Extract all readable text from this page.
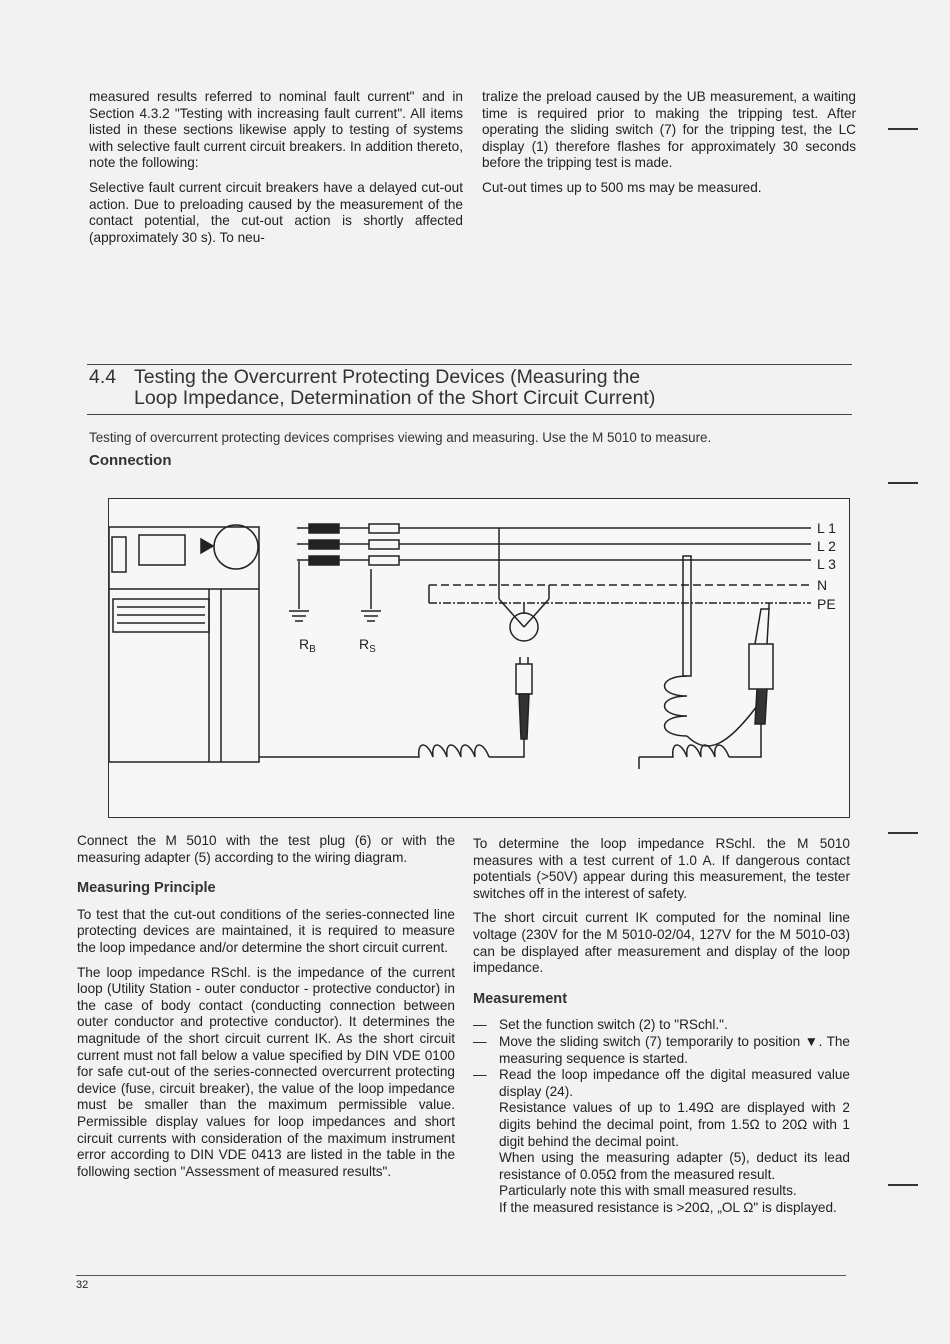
measured results referred to nominal fault current" and in Section 4.3.2 "Testing with increasing fault current". All items listed in these sections likewise apply to testing of systems with selective fault current circuit breakers. In addition thereto, note the following:

Selective fault current circuit breakers have a delayed cut-out action. Due to preloading caused by the measurement of the contact potential, the cut-out action is shortly affected (approximately 30 s). To neu-

tralize the preload caused by the UB measurement, a waiting time is required prior to making the tripping test. After operating the sliding switch (7) for the tripping test, the LC display (1) therefore flashes for approximately 30 seconds before the tripping test is made.

Cut-out times up to 500 ms may be measured.

4.4 Testing the Overcurrent Protecting Devices (Measuring the
Loop Impedance, Determination of the Short Circuit Current)
Testing of overcurrent protecting devices comprises viewing and measuring. Use the M 5010 to measure.
Connection
L 1
L 2
L 3
N
PE
$R_B$	$R_S$

Connect the M 5010 with the test plug (6) or with the measuring adapter (5) according to the wiring diagram.

Measuring Principle

To test that the cut-out conditions of the series-connected line protecting devices are maintained, it is required to measure the loop impedance and/or determine the short circuit current.

The loop impedance RSchl. is the impedance of the current loop (Utility Station - outer conductor - protective conductor) in the case of body contact (conducting connection between outer conductor and protective conductor). It determines the magnitude of the short circuit current IK. As the short circuit current must not fall below a value specified by DIN VDE 0100 for safe cut-out of the series-connected overcurrent protecting device (fuse, circuit breaker), the value of the loop impedance must be smaller than the maximum permissible value. Permissible display values for loop impedances and short circuit currents with consideration of the maximum instrument error according to DIN VDE 0413 are listed in the table in the following section "Assessment of measured results".

To determine the loop impedance RSchl. the M 5010 measures with a test current of 1.0 A. If dangerous contact potentials (>50V) appear during this measurement, the tester switches off in the interest of safety.

The short circuit current IK computed for the nominal line voltage (230V for the M 5010-02/04, 127V for the M 5010-03) can be displayed after measurement and display of the loop impedance.

Measurement
— Set the function switch (2) to "RSchl.".
— Move the sliding switch (7) temporarily to position ▼. The measuring sequence is started.
— Read the loop impedance off the digital measured value display (24).
Resistance values of up to 1.49Ω are displayed with 2 digits behind the decimal point, from 1.5Ω to 20Ω with 1 digit behind the decimal point.
When using the measuring adapter (5), deduct its lead resistance of 0.05Ω from the measured result.
Particularly note this with small measured results.
If the measured resistance is >20Ω, „OL Ω" is displayed.
32
